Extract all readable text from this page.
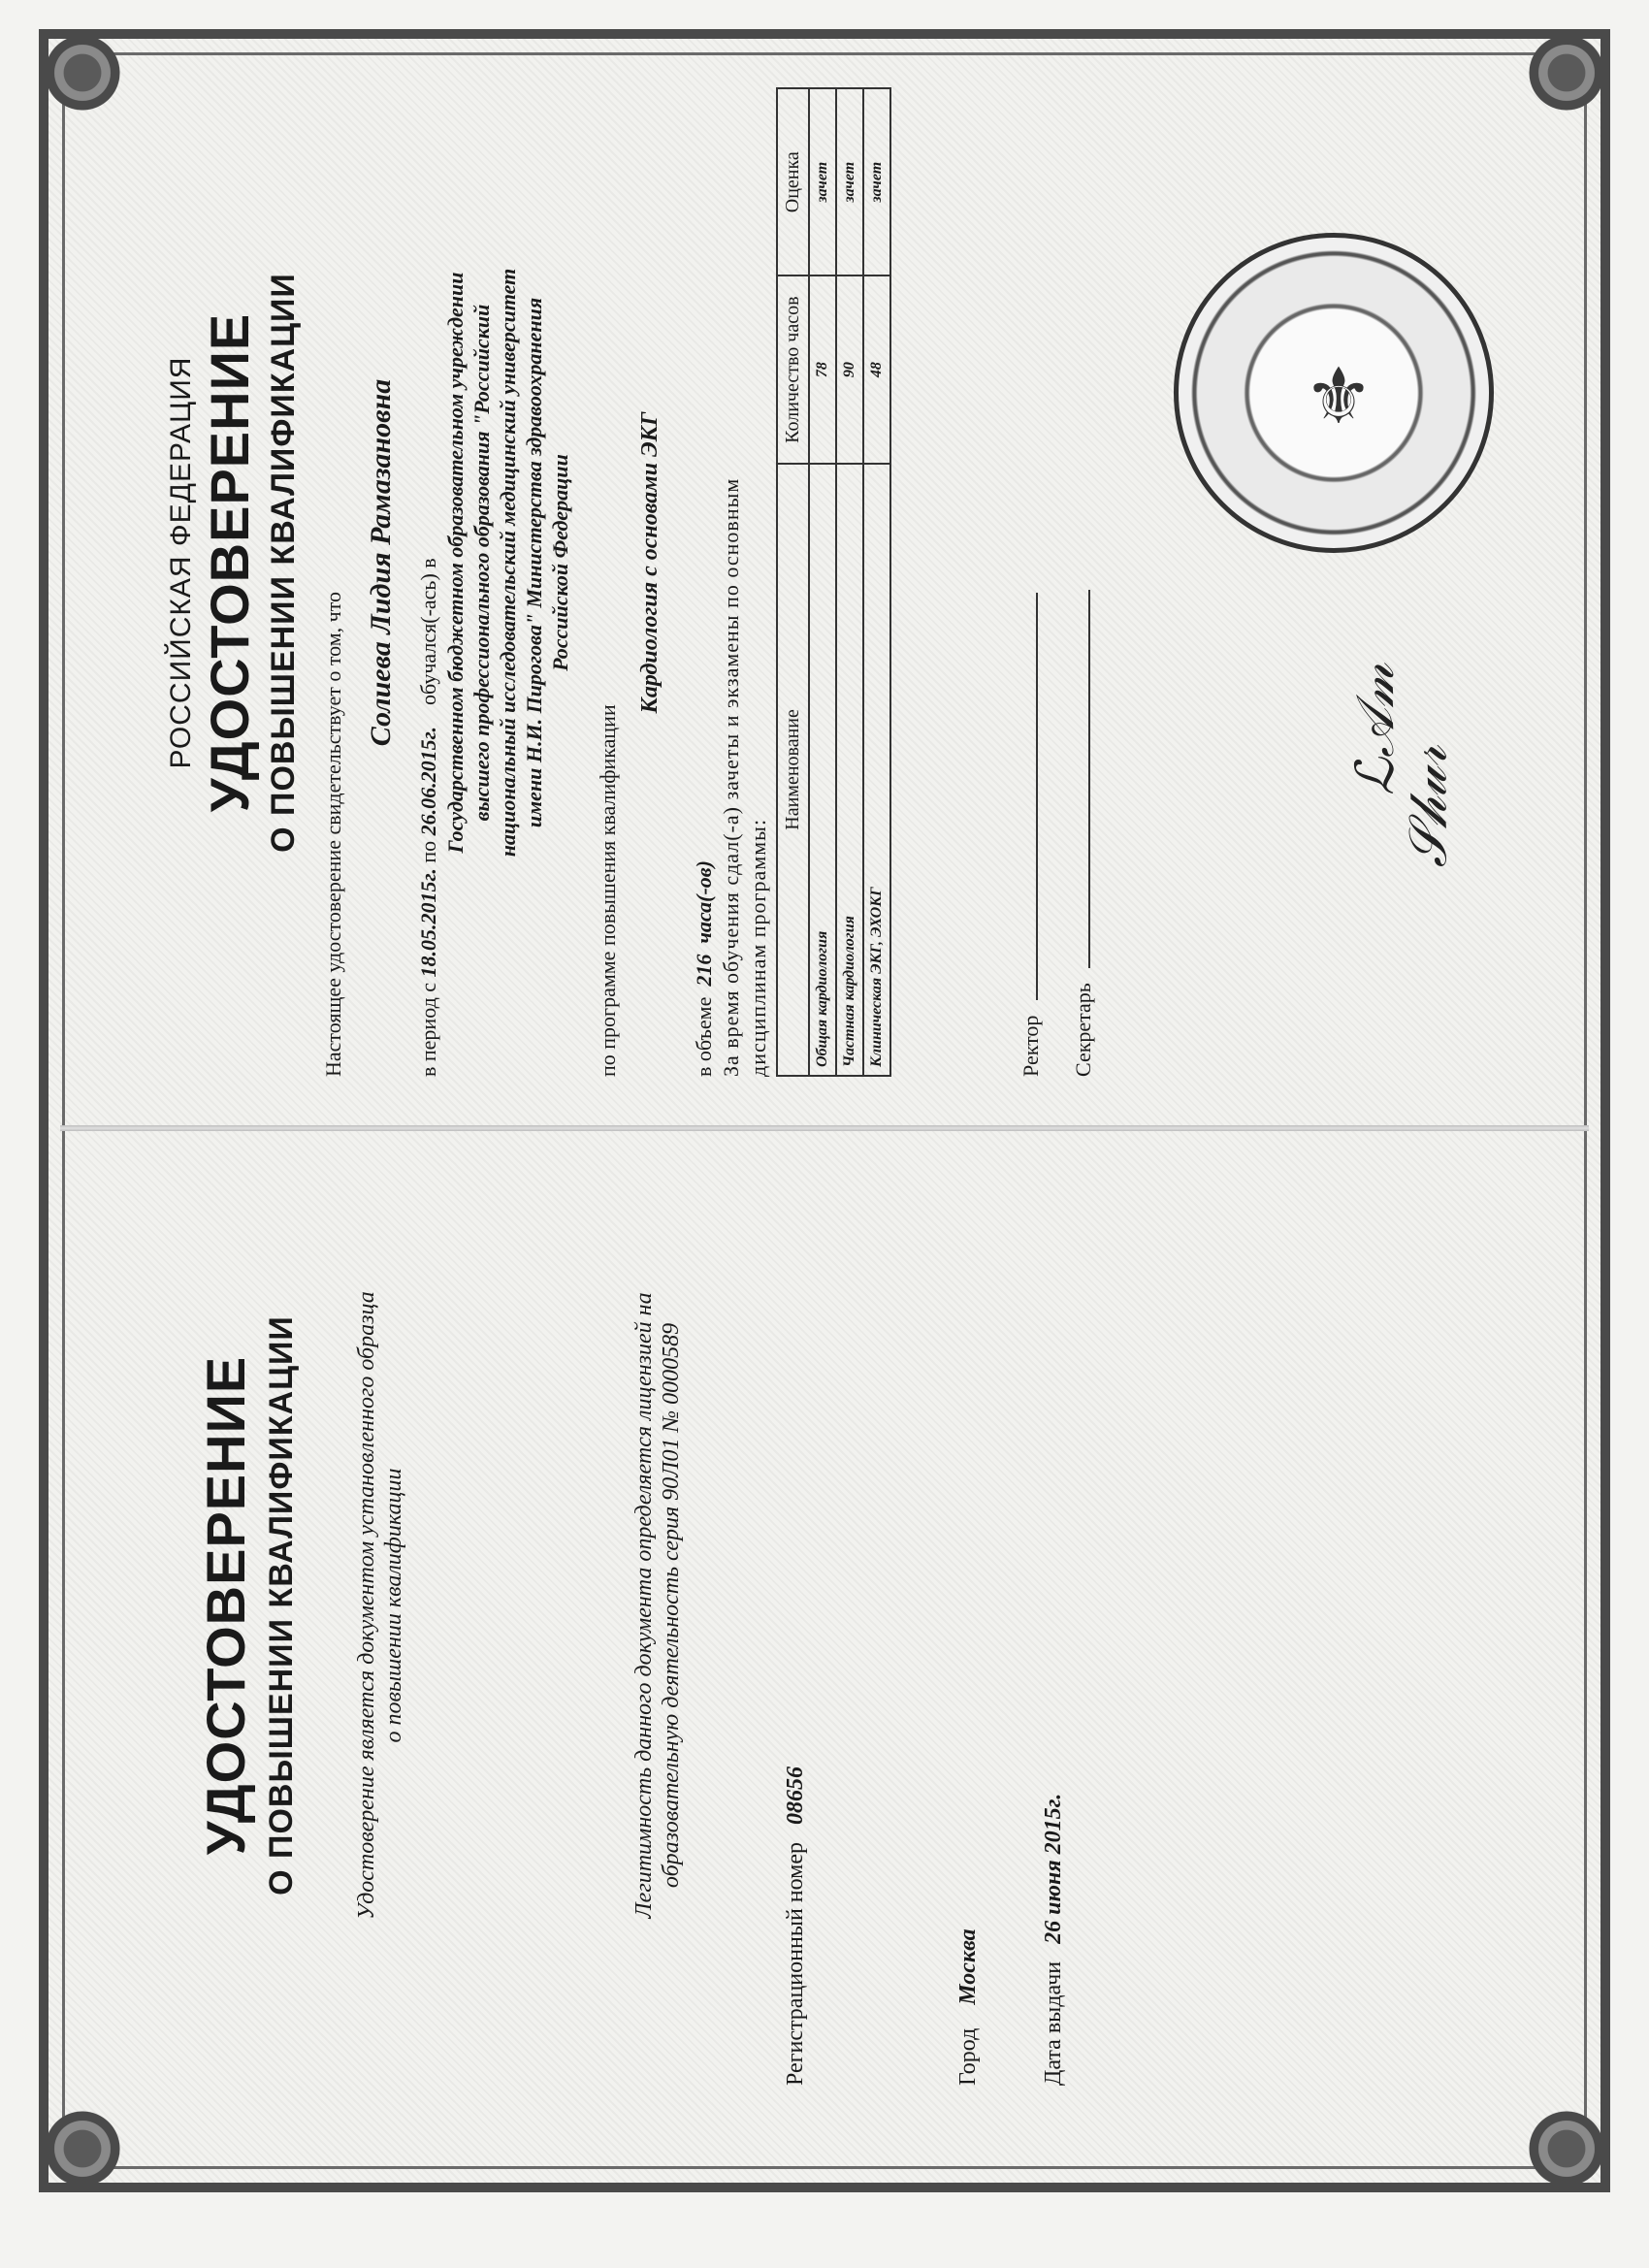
⚜
ℒ𝒜𝓂
𝒮𝒽𝓊𝓇
УДОСТОВЕРЕНИЕ О ПОВЫШЕНИИ КВАЛИФИКАЦИИ Удостоверение является документом установленного образца о повышении квалификации	Легитимность данного документа определяется лицензией на образовательную деятельность серия 90Л01 № 0000589
Регистрационный номер   08656
Город    Москва	Дата выдачи   26 июня 2015г.
РОССИЙСКАЯ ФЕДЕРАЦИЯ УДОСТОВЕРЕНИЕ О ПОВЫШЕНИИ КВАЛИФИКАЦИИ Настоящее удостоверение свидетельствует о том, что
Солиева Лидия Рамазановна
в период с 18.05.2015г. по 26.06.2015г.    обучался(-ась) в Государственном бюджетном образовательном учреждении высшего профессионального образования "Российский национальный исследовательский медицинский университет имени Н.И. Пирогова" Министерства здравоохранения Российской Федерации
по программе повышения квалификации
Кардиология с основами ЭКГ
в объеме  216  часа(-ов) За время обучения сдал(-а) зачеты и экзамены по основным дисциплинам программы:
Наименование	Количество часов	Оценка
Общая кардиология	78	зачет
Частная кардиология	90	зачет
Клиническая ЭКГ, ЭХОКГ	48	зачет
Ректор Секретарь
